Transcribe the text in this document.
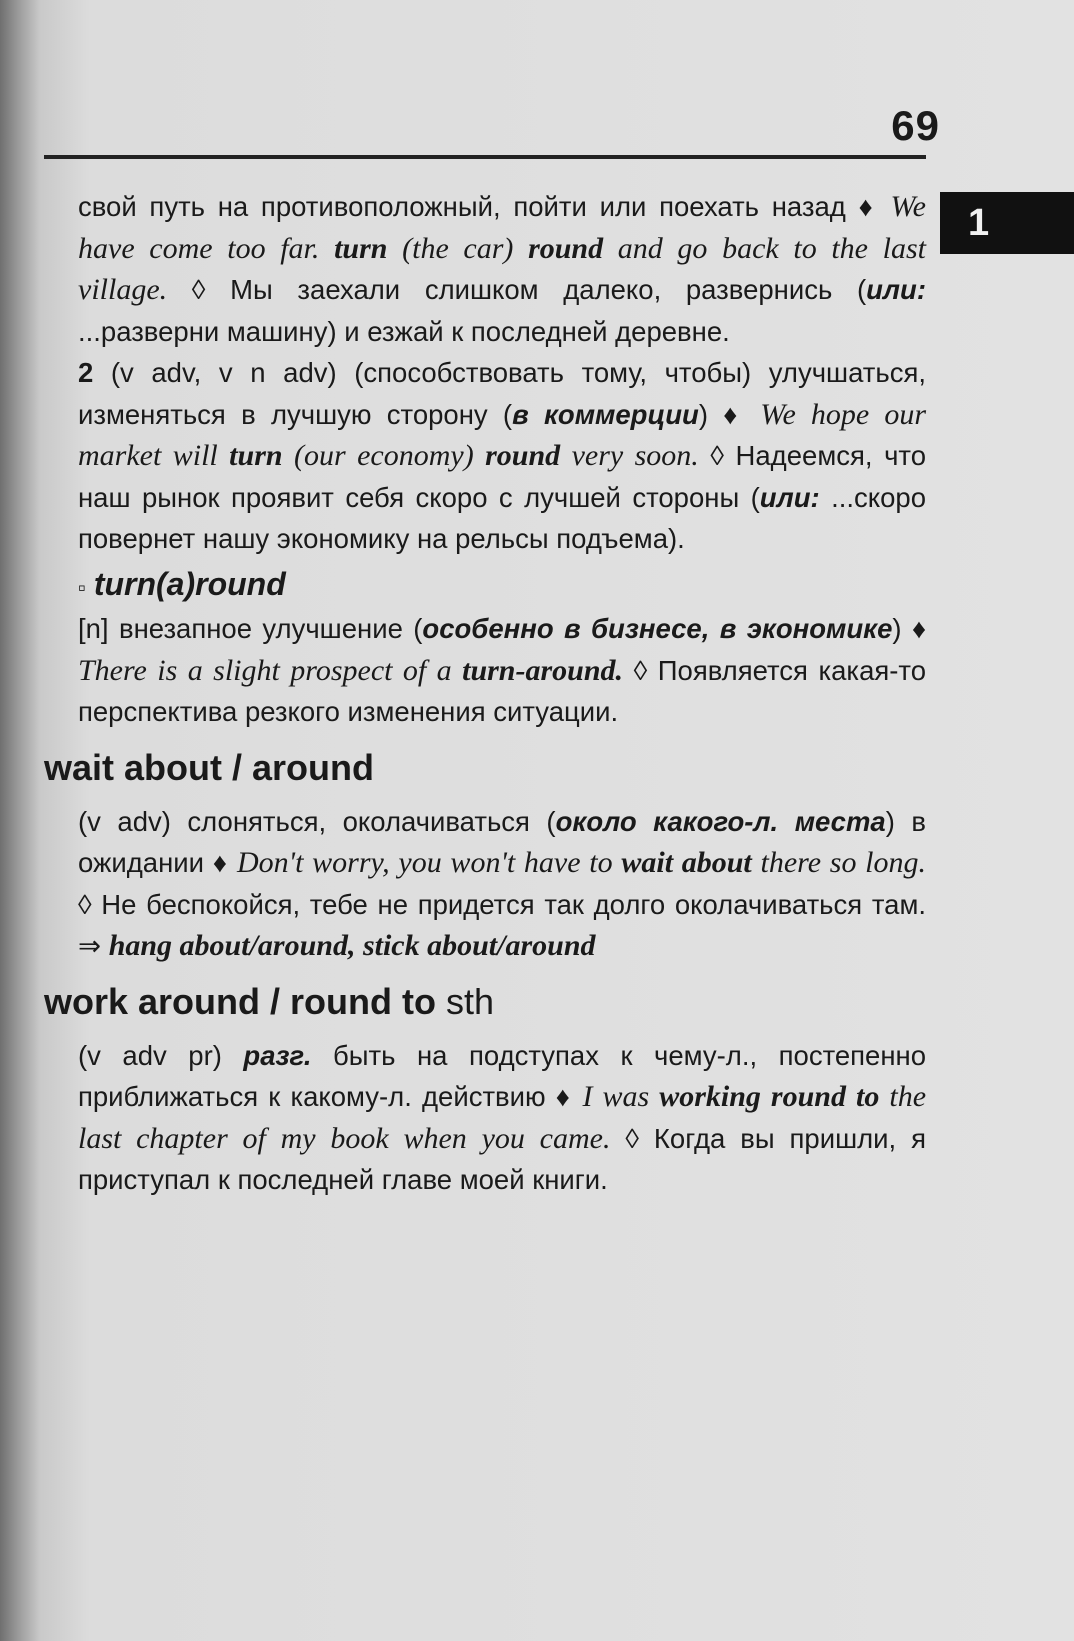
69
1

свой путь на противоположный, пойти или поехать назад ♦ We have come too far. turn (the car) round and go back to the last village. ◊ Мы заехали слишком далеко, развернись (или: ...разверни машину) и езжай к последней деревне.

2 (v adv, v n adv) (способствовать тому, чтобы) улучшаться, изменяться в лучшую сторону (в коммерции) ♦ We hope our market will turn (our economy) round very soon. ◊ Надеемся, что наш рынок проявит себя скоро с лучшей стороны (или: ...скоро повернет нашу экономику на рельсы подъема).

▫ turn(a)round

[n] внезапное улучшение (особенно в бизнесе, в экономике) ♦ There is a slight prospect of a turn-around. ◊ Появляется какая-то перспектива резкого изменения ситуации.

wait about / around

(v adv) слоняться, околачиваться (около какого-л. места) в ожидании ♦ Don't worry, you won't have to wait about there so long. ◊ Не беспокойся, тебе не придется так долго околачиваться там. ⇒ hang about/around, stick about/around

work around / round to sth

(v adv pr) разг. быть на подступах к чему-л., постепенно приближаться к какому-л. действию ♦ I was working round to the last chapter of my book when you came. ◊ Когда вы пришли, я приступал к последней главе моей книги.
